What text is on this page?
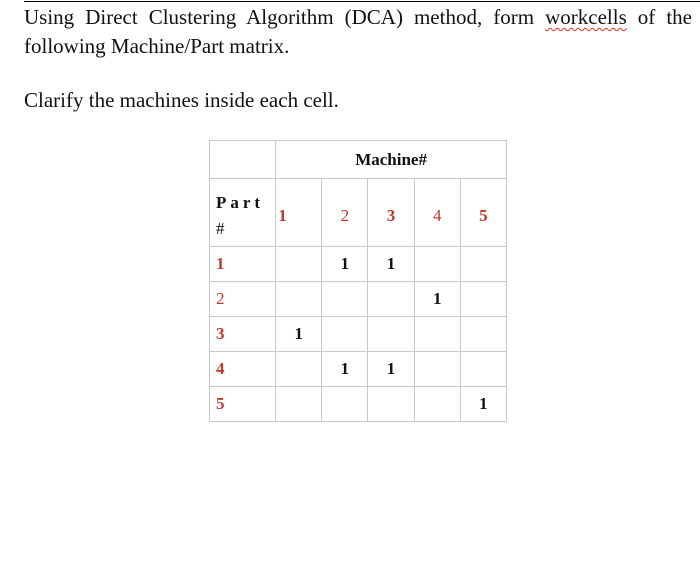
Using Direct Clustering Algorithm (DCA) method, form workcells of the
following Machine/Part matrix.
Clarify the machines inside each cell.
	Machine#				
Part
#	1	2	3	4	5
1		1	1		
2				1	
3	1				
4		1	1		
5					1
